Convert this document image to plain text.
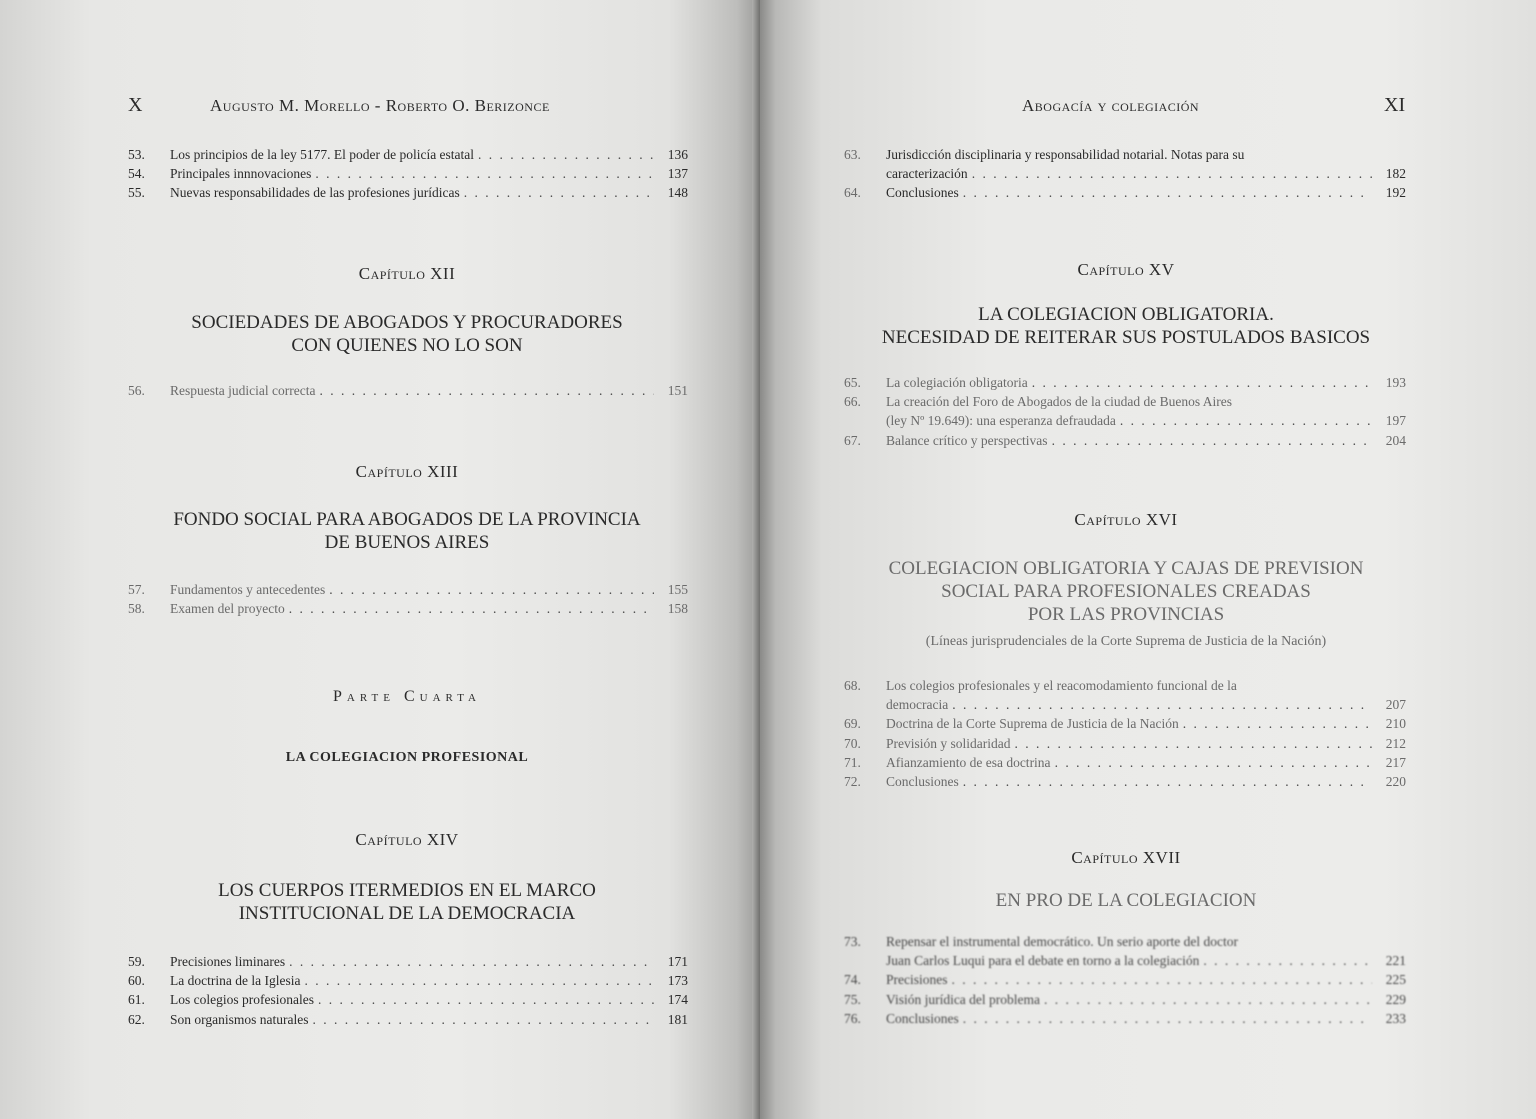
X	Augusto M. Morello - Roberto O. Berizonce
53.	Los principios de la ley 5177. El poder de policía estatal . . .	136
54.	Principales innnovaciones . . .	137
55.	Nuevas responsabilidades de las profesiones jurídicas . . .	148
Capítulo XII
SOCIEDADES DE ABOGADOS Y PROCURADORES
CON QUIENES NO LO SON
56.	Respuesta judicial correcta . . .	151
Capítulo XIII
FONDO SOCIAL PARA ABOGADOS DE LA PROVINCIA
DE BUENOS AIRES
57.	Fundamentos y antecedentes . . .	155
58.	Examen del proyecto . . .	158
Parte Cuarta
LA COLEGIACION PROFESIONAL
Capítulo XIV
LOS CUERPOS ITERMEDIOS EN EL MARCO
INSTITUCIONAL DE LA DEMOCRACIA
59.	Precisiones liminares . . .	171
60.	La doctrina de la Iglesia . . .	173
61.	Los colegios profesionales . . .	174
62.	Son organismos naturales . . .	181
Abogacía y colegiación	XI
63.	Jurisdicción disciplinaria y responsabilidad notarial. Notas para su
caracterización . . .	182
64.	Conclusiones . . .	192
Capítulo XV
LA COLEGIACION OBLIGATORIA.
NECESIDAD DE REITERAR SUS POSTULADOS BASICOS
65.	La colegiación obligatoria . . .	193
66.	La creación del Foro de Abogados de la ciudad de Buenos Aires
(ley Nº 19.649): una esperanza defraudada . . .	197
67.	Balance crítico y perspectivas . . .	204
Capítulo XVI
COLEGIACION OBLIGATORIA Y CAJAS DE PREVISION
SOCIAL PARA PROFESIONALES CREADAS
POR LAS PROVINCIAS
(Líneas jurisprudenciales de la Corte Suprema de Justicia de la Nación)
68.	Los colegios profesionales y el reacomodamiento funcional de la
democracia . . .	207
69.	Doctrina de la Corte Suprema de Justicia de la Nación . . .	210
70.	Previsión y solidaridad . . .	212
71.	Afianzamiento de esa doctrina . . .	217
72.	Conclusiones . . .	220
Capítulo XVII
EN PRO DE LA COLEGIACION
73.	Repensar el instrumental democrático. Un serio aporte del doctor
Juan Carlos Luqui para el debate en torno a la colegiación . . .	221
74.	Precisiones . . .	225
75.	Visión jurídica del problema . . .	229
76.	Conclusiones . . .	233
